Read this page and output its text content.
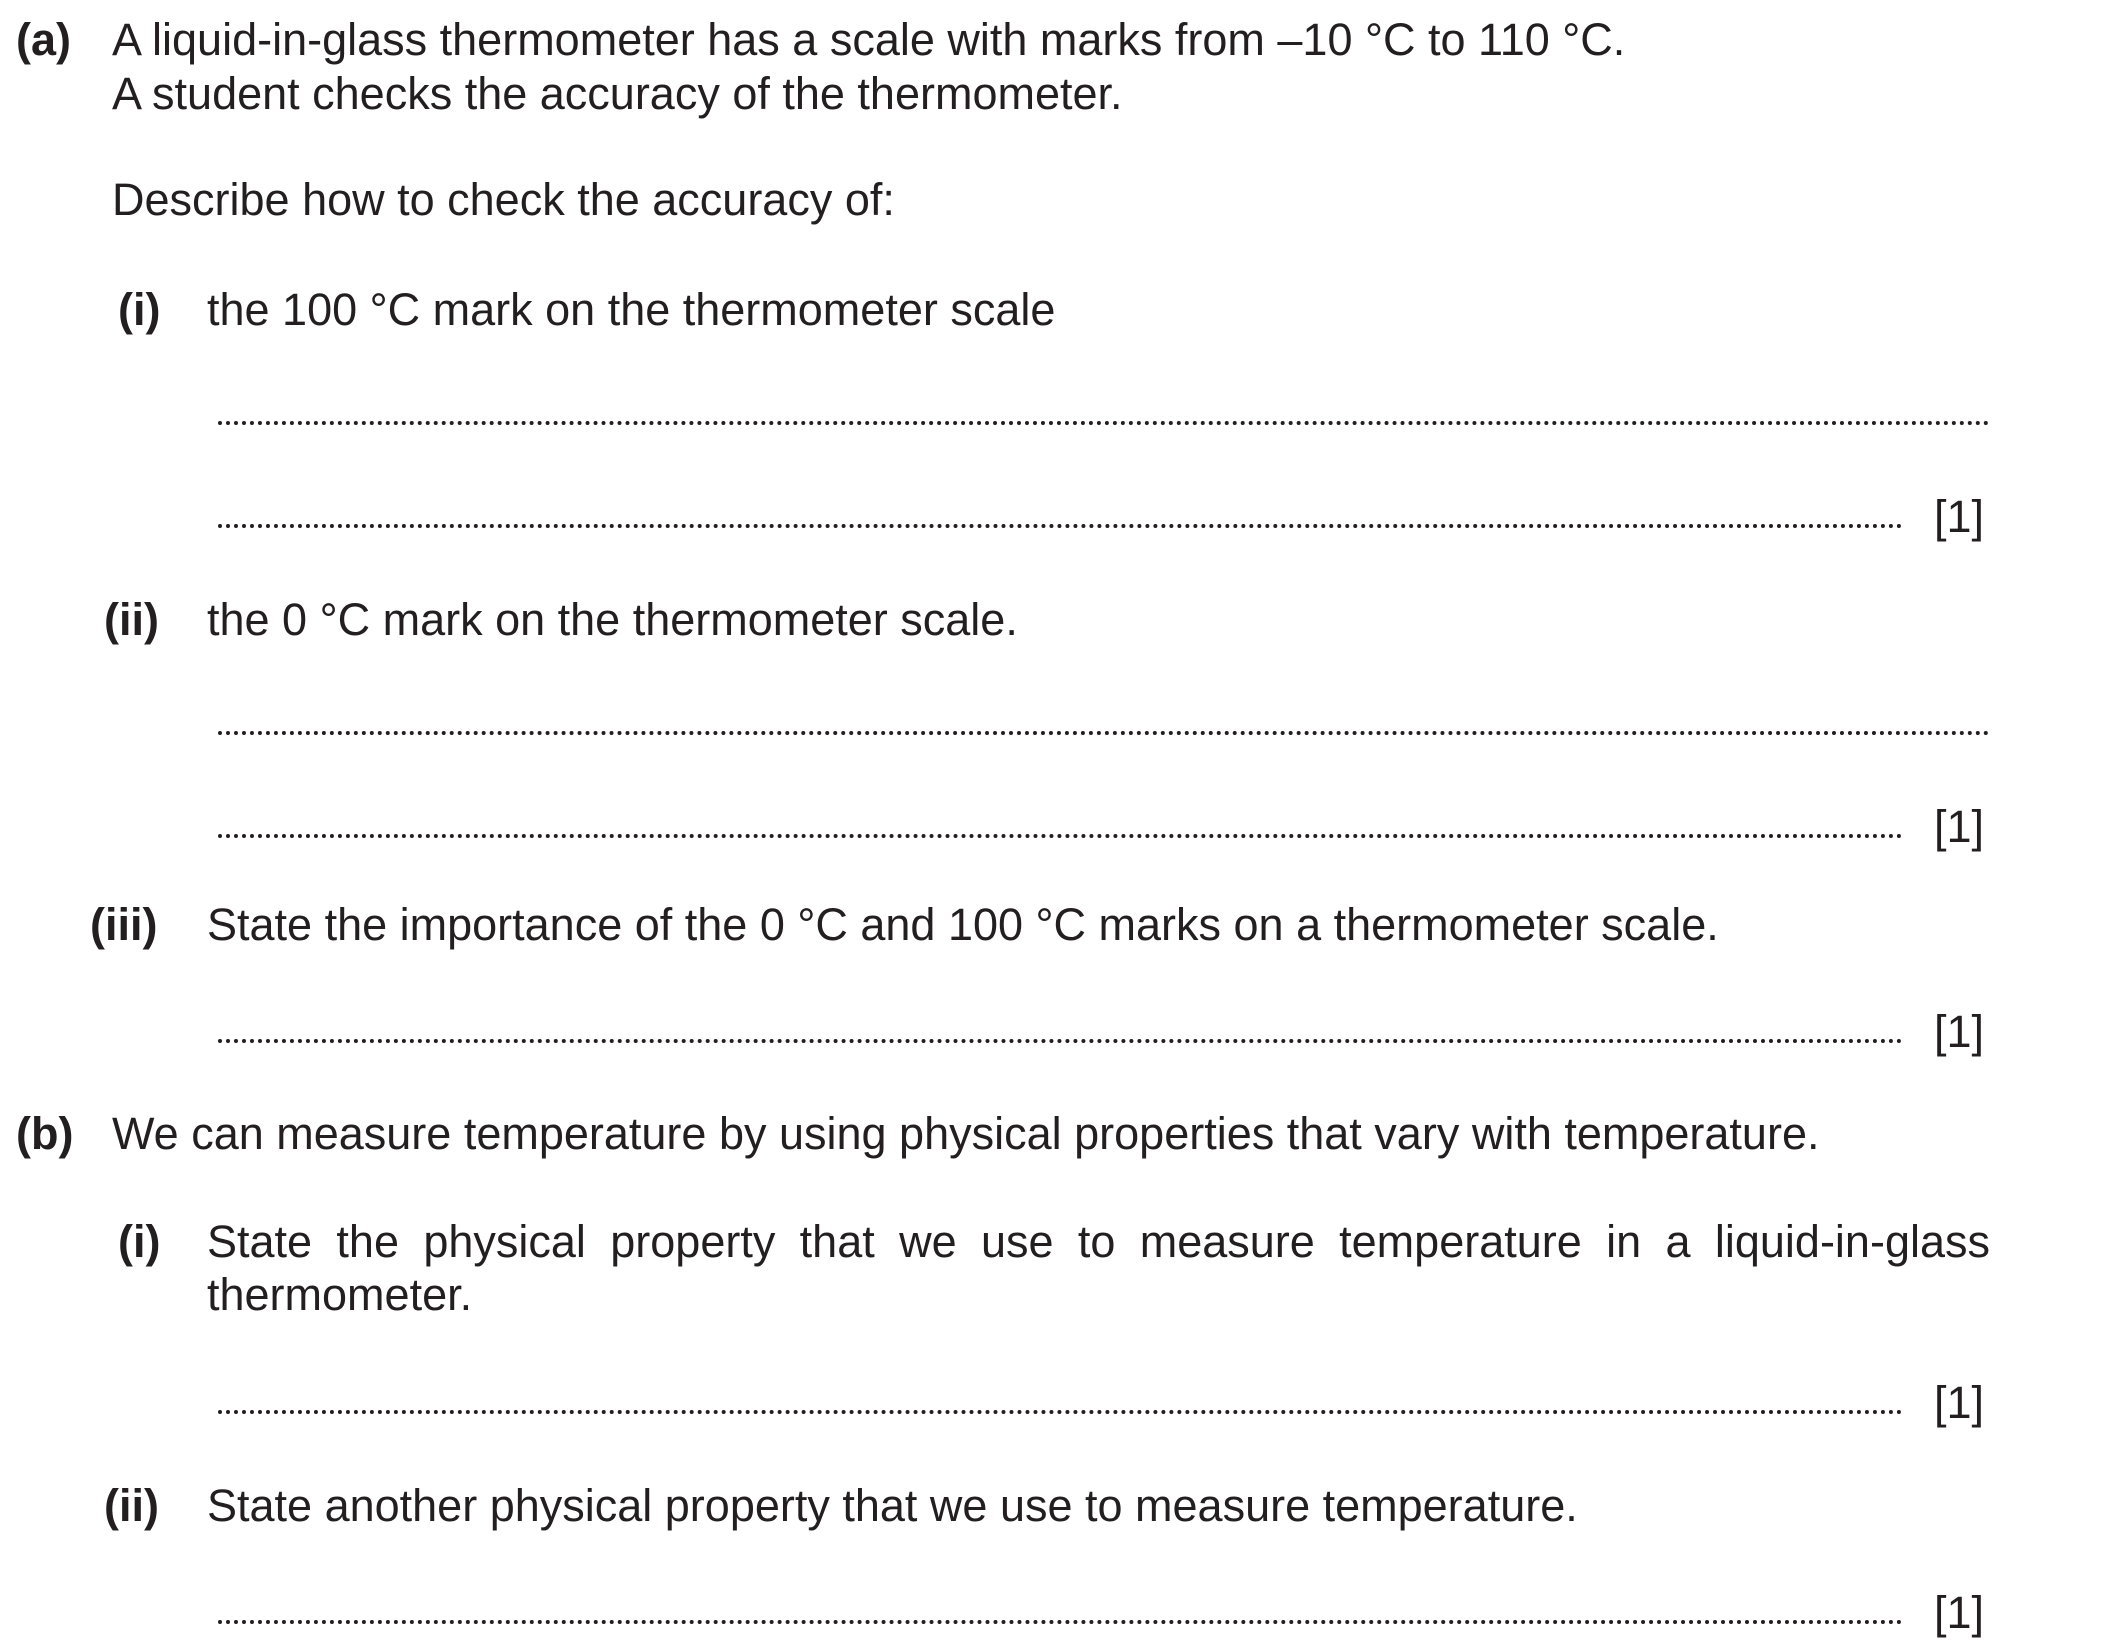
(a) A liquid-in-glass thermometer has a scale with marks from –10 °C to 110 °C.
A student checks the accuracy of the thermometer.
Describe how to check the accuracy of:
(i) the 100 °C mark on the thermometer scale
[1]
(ii) the 0 °C mark on the thermometer scale.
[1]
(iii) State the importance of the 0 °C and 100 °C marks on a thermometer scale.
[1]
(b) We can measure temperature by using physical properties that vary with temperature.
(i) State the physical property that we use to measure temperature in a liquid-in-glass
thermometer.
[1]
(ii) State another physical property that we use to measure temperature.
[1]
